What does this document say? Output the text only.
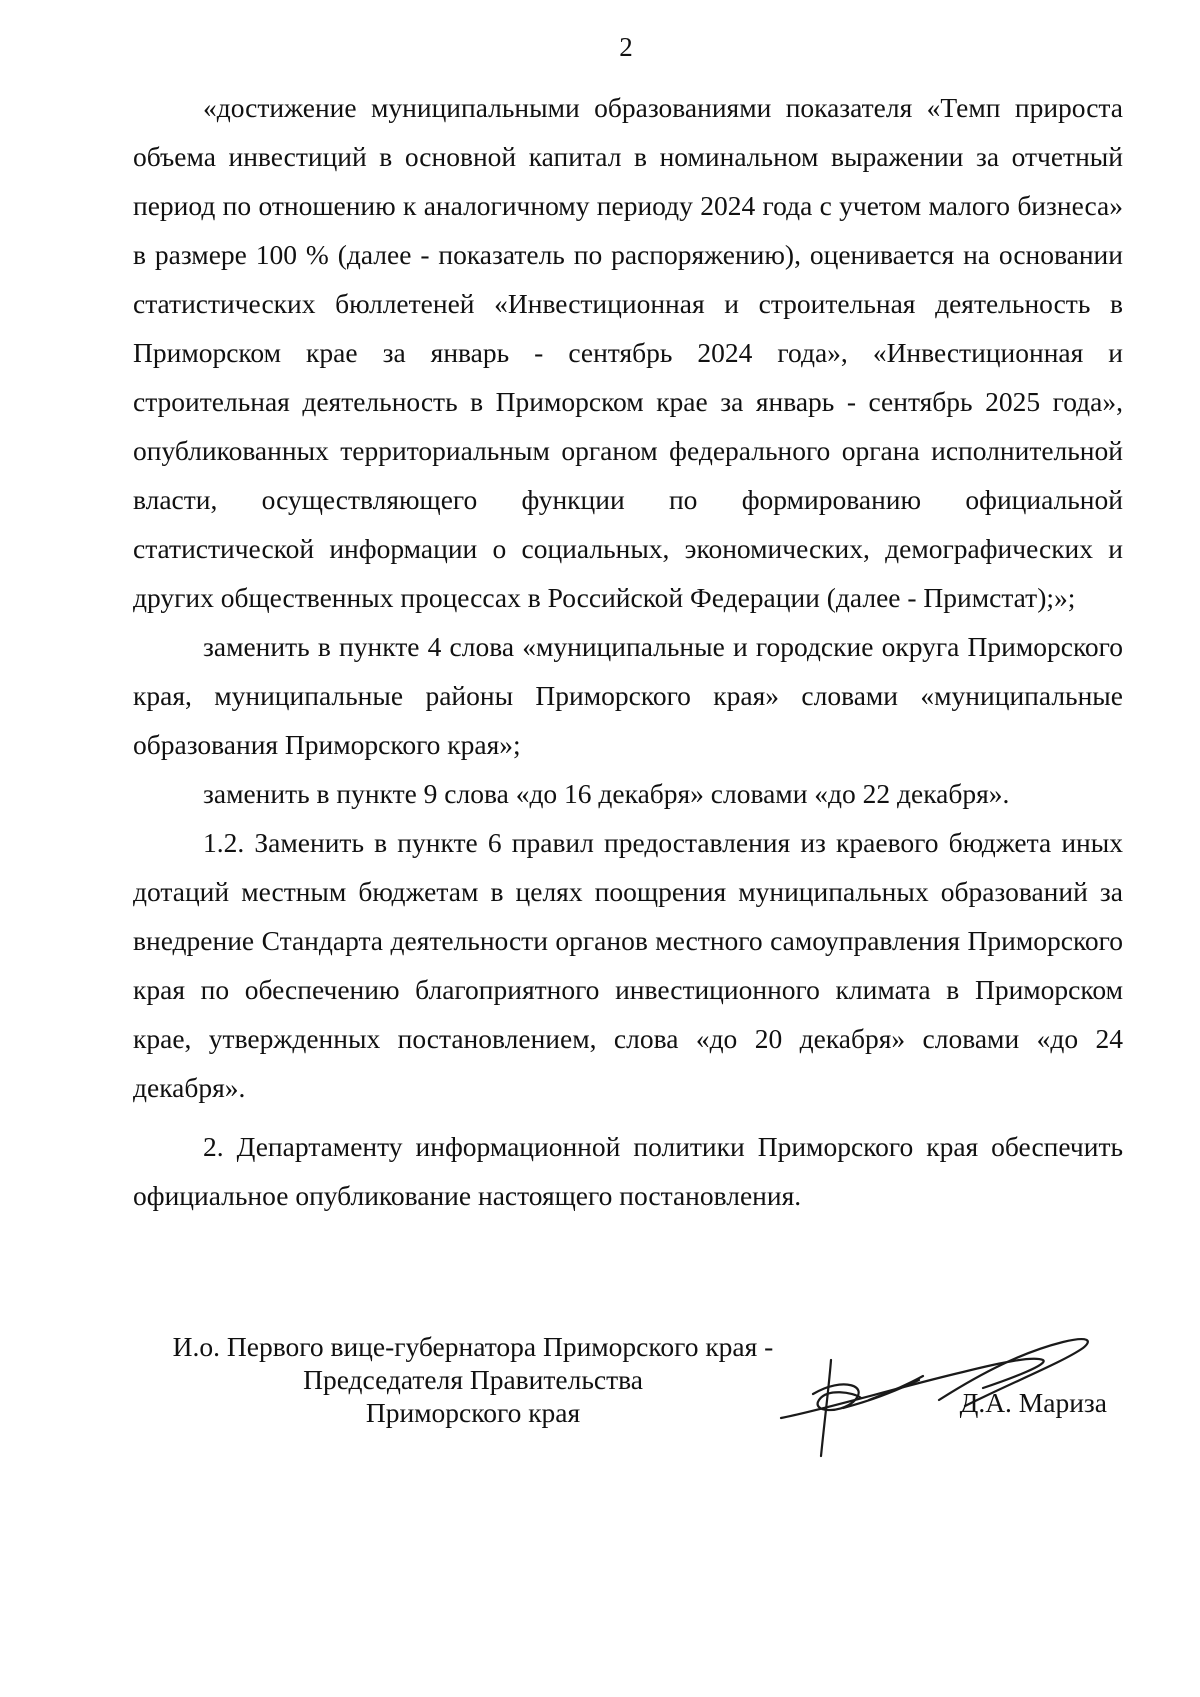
2

«достижение муниципальными образованиями показателя «Темп прироста объема инвестиций в основной капитал в номинальном выражении за отчетный период по отношению к аналогичному периоду 2024 года с учетом малого бизнеса» в размере 100 % (далее - показатель по распоряжению), оценивается на основании статистических бюллетеней «Инвестиционная и строительная деятельность в Приморском крае за январь - сентябрь 2024 года», «Инвестиционная и строительная деятельность в Приморском крае за январь - сентябрь 2025 года», опубликованных территориальным органом федерального органа исполнительной власти, осуществляющего функции по формированию официальной статистической информации о социальных, экономических, демографических и других общественных процессах в Российской Федерации (далее - Примстат);»;

заменить в пункте 4 слова «муниципальные и городские округа Приморского края, муниципальные районы Приморского края» словами «муниципальные образования Приморского края»;

заменить в пункте 9 слова «до 16 декабря» словами «до 22 декабря».

1.2. Заменить в пункте 6 правил предоставления из краевого бюджета иных дотаций местным бюджетам в целях поощрения муниципальных образований за внедрение Стандарта деятельности органов местного самоуправления Приморского края по обеспечению благоприятного инвестиционного климата в Приморском крае, утвержденных постановлением, слова «до 20 декабря» словами «до 24 декабря».

2. Департаменту информационной политики Приморского края обеспечить официальное опубликование настоящего постановления.

И.о. Первого вице-губернатора Приморского края -
Председателя Правительства
Приморского края	Д.А. Мариза
